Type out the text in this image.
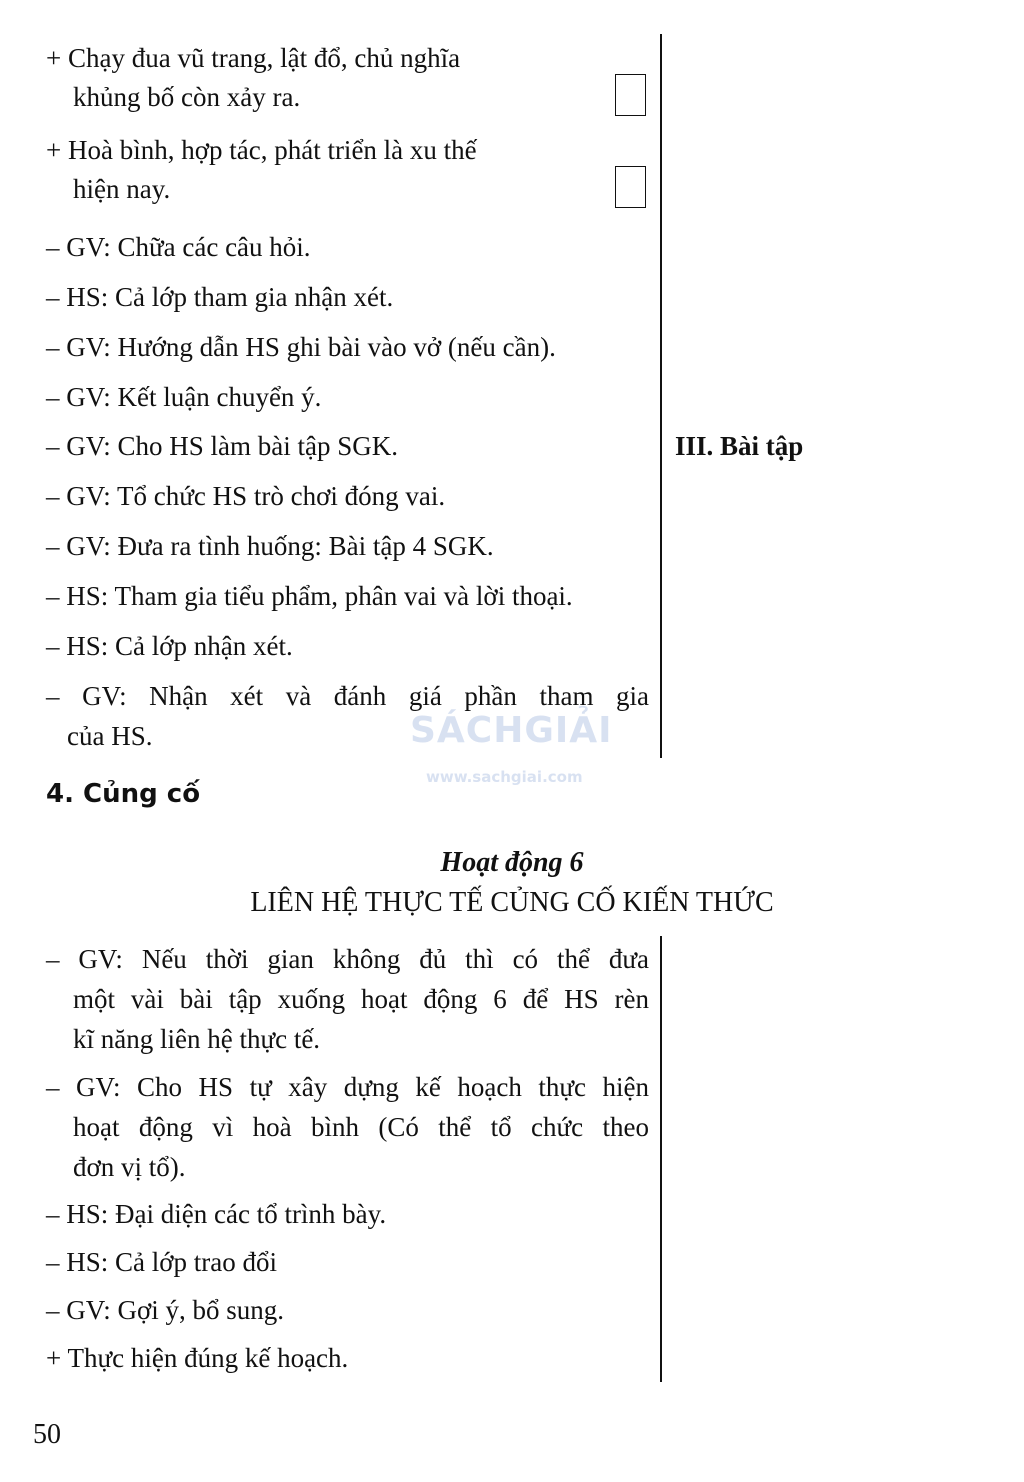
+ Chạy đua vũ trang, lật đổ, chủ nghĩa
khủng bố còn xảy ra.
+ Hoà bình, hợp tác, phát triển là xu thế
hiện nay.
– GV: Chữa các câu hỏi.
– HS: Cả lớp tham gia nhận xét.
– GV: Hướng dẫn HS ghi bài vào vở (nếu cần).
– GV: Kết luận chuyển ý.
– GV: Cho HS làm bài tập SGK.	III. Bài tập
– GV: Tổ chức HS trò chơi đóng vai.
– GV: Đưa ra tình huống: Bài tập 4 SGK.
– HS: Tham gia tiểu phẩm, phân vai và lời thoại.
– HS: Cả lớp nhận xét.
– GV: Nhận xét và đánh giá phần tham gia
của HS.	SÁCHGIẢI
www.sachgiai.com
4. Củng cố
Hoạt động 6
LIÊN HỆ THỰC TẾ CỦNG CỐ KIẾN THỨC
– GV: Nếu thời gian không đủ thì có thể đưa
một vài bài tập xuống hoạt động 6 để HS rèn
kĩ năng liên hệ thực tế.
– GV: Cho HS tự xây dựng kế hoạch thực hiện
hoạt động vì hoà bình (Có thể tổ chức theo
đơn vị tổ).
– HS: Đại diện các tổ trình bày.
– HS: Cả lớp trao đổi
– GV: Gợi ý, bổ sung.
+ Thực hiện đúng kế hoạch.
50
